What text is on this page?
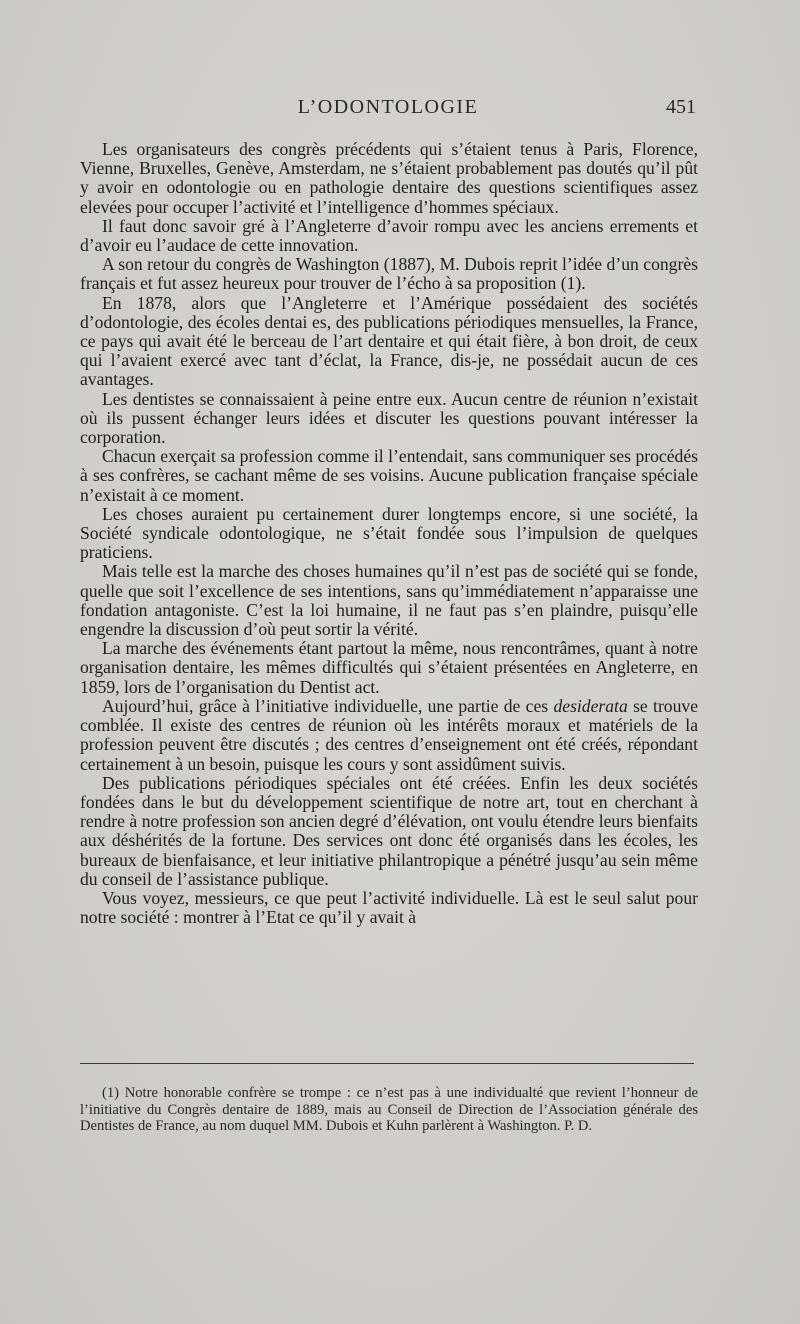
L’ODONTOLOGIE	451

Les organisateurs des congrès précédents qui s’étaient tenus à Paris, Florence, Vienne, Bruxelles, Genève, Amsterdam, ne s’étaient probablement pas doutés qu’il pût y avoir en odontologie ou en pathologie dentaire des questions scientifiques assez elevées pour occuper l’activité et l’intelligence d’hommes spéciaux.

Il faut donc savoir gré à l’Angleterre d’avoir rompu avec les anciens errements et d’avoir eu l’audace de cette innovation.

A son retour du congrès de Washington (1887), M. Dubois reprit l’idée d’un congrès français et fut assez heureux pour trouver de l’écho à sa proposition (1).

En 1878, alors que l’Angleterre et l’Amérique possédaient des sociétés d’odontologie, des écoles dentai es, des publications périodiques mensuelles, la France, ce pays qui avait été le berceau de l’art dentaire et qui était fière, à bon droit, de ceux qui l’avaient exercé avec tant d’éclat, la France, dis-je, ne possédait aucun de ces avantages.

Les dentistes se connaissaient à peine entre eux. Aucun centre de réunion n’existait où ils pussent échanger leurs idées et discuter les questions pouvant intéresser la corporation.

Chacun exerçait sa profession comme il l’entendait, sans communiquer ses procédés à ses confrères, se cachant même de ses voisins. Aucune publication française spéciale n’existait à ce moment.

Les choses auraient pu certainement durer longtemps encore, si une société, la Société syndicale odontologique, ne s’était fondée sous l’impulsion de quelques praticiens.

Mais telle est la marche des choses humaines qu’il n’est pas de société qui se fonde, quelle que soit l’excellence de ses intentions, sans qu’immédiatement n’apparaisse une fondation antagoniste. C’est la loi humaine, il ne faut pas s’en plaindre, puisqu’elle engendre la discussion d’où peut sortir la vérité.

La marche des événements étant partout la même, nous rencontrâmes, quant à notre organisation dentaire, les mêmes difficultés qui s’étaient présentées en Angleterre, en 1859, lors de l’organisation du Dentist act.

Aujourd’hui, grâce à l’initiative individuelle, une partie de ces desiderata se trouve comblée. Il existe des centres de réunion où les intérêts moraux et matériels de la profession peuvent être discutés ; des centres d’enseignement ont été créés, répondant certainement à un besoin, puisque les cours y sont assidûment suivis.

Des publications périodiques spéciales ont été créées. Enfin les deux sociétés fondées dans le but du développement scientifique de notre art, tout en cherchant à rendre à notre profession son ancien degré d’élévation, ont voulu étendre leurs bienfaits aux déshérités de la fortune. Des services ont donc été organisés dans les écoles, les bureaux de bienfaisance, et leur initiative philantropique a pénétré jusqu’au sein même du conseil de l’assistance publique.

Vous voyez, messieurs, ce que peut l’activité individuelle. Là est le seul salut pour notre société : montrer à l’Etat ce qu’il y avait à

(1) Notre honorable confrère se trompe : ce n’est pas à une individualté que revient l’honneur de l’initiative du Congrès dentaire de 1889, mais au Conseil de Direction de l’Association générale des Dentistes de France, au nom duquel MM. Dubois et Kuhn parlèrent à Washington. P. D.
